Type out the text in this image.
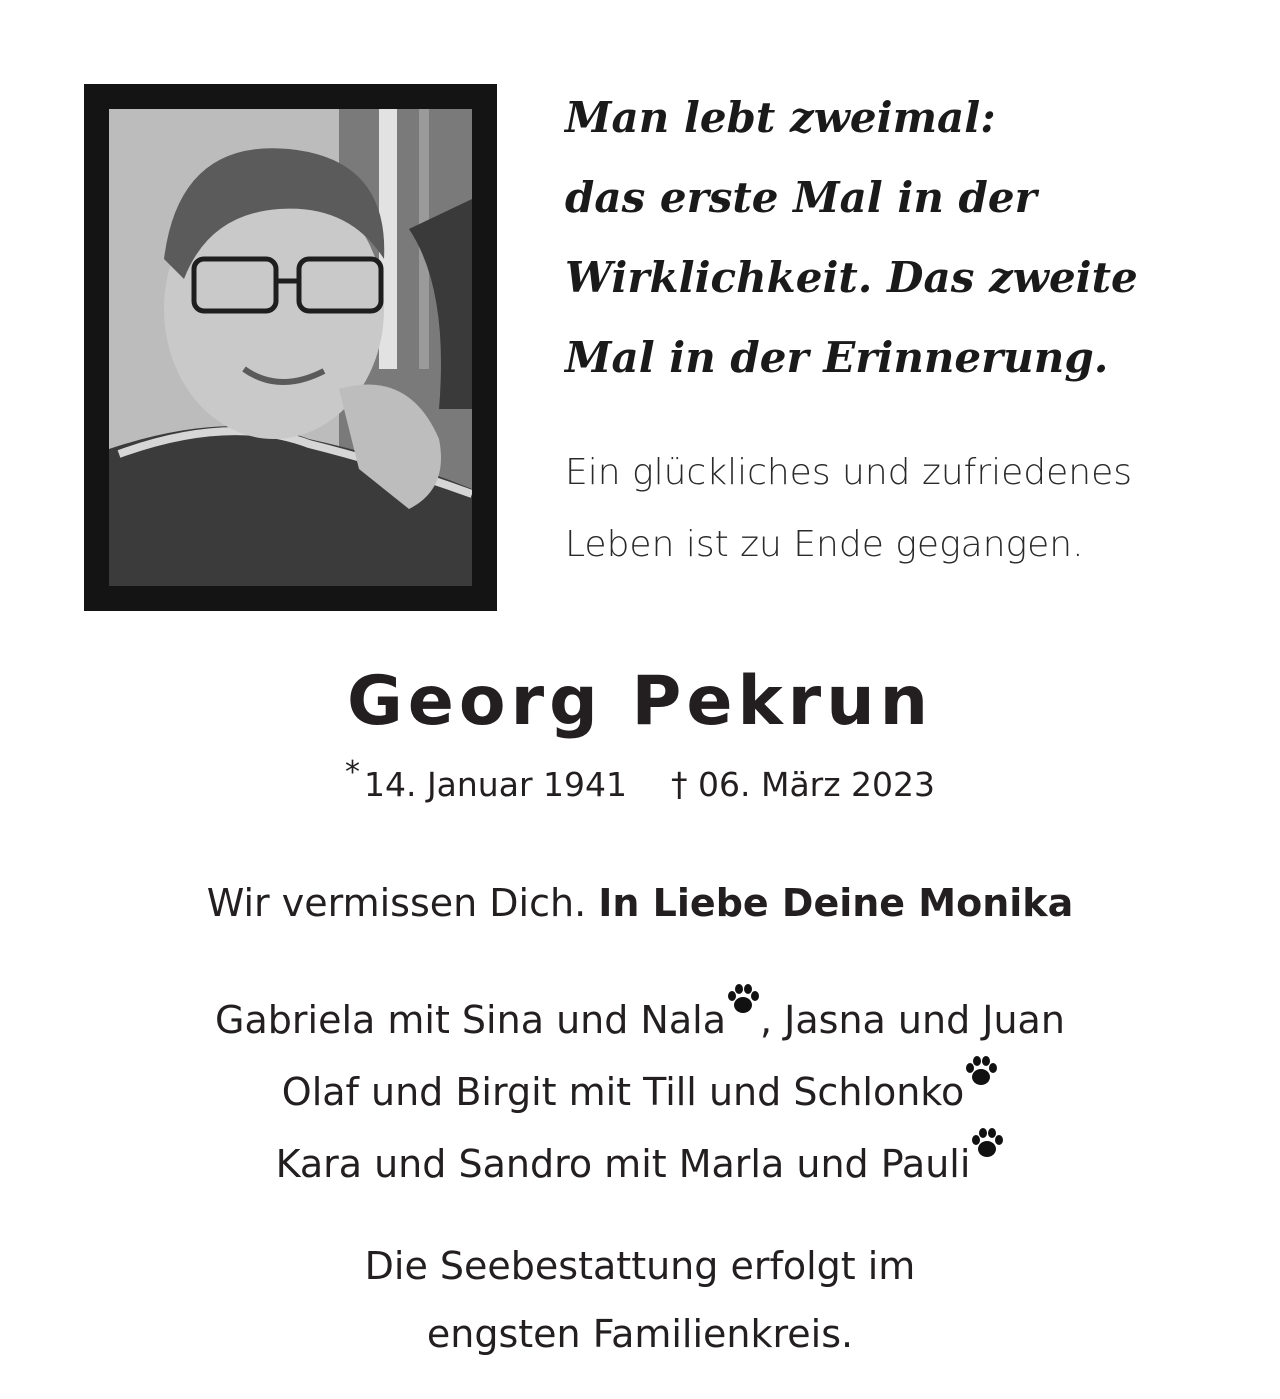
Man lebt zweimal:
das erste Mal in der
Wirklichkeit. Das zweite
Mal in der Erinnerung.
Ein glückliches und zufriedenes
Leben ist zu Ende gegangen.
Georg Pekrun
* 14. Januar 1941 † 06. März 2023
Wir vermissen Dich. In Liebe Deine Monika
Gabriela mit Sina und Nala , Jasna und Juan
Olaf und Birgit mit Till und Schlonko
Kara und Sandro mit Marla und Pauli
Die Seebestattung erfolgt im
engsten Familienkreis.
